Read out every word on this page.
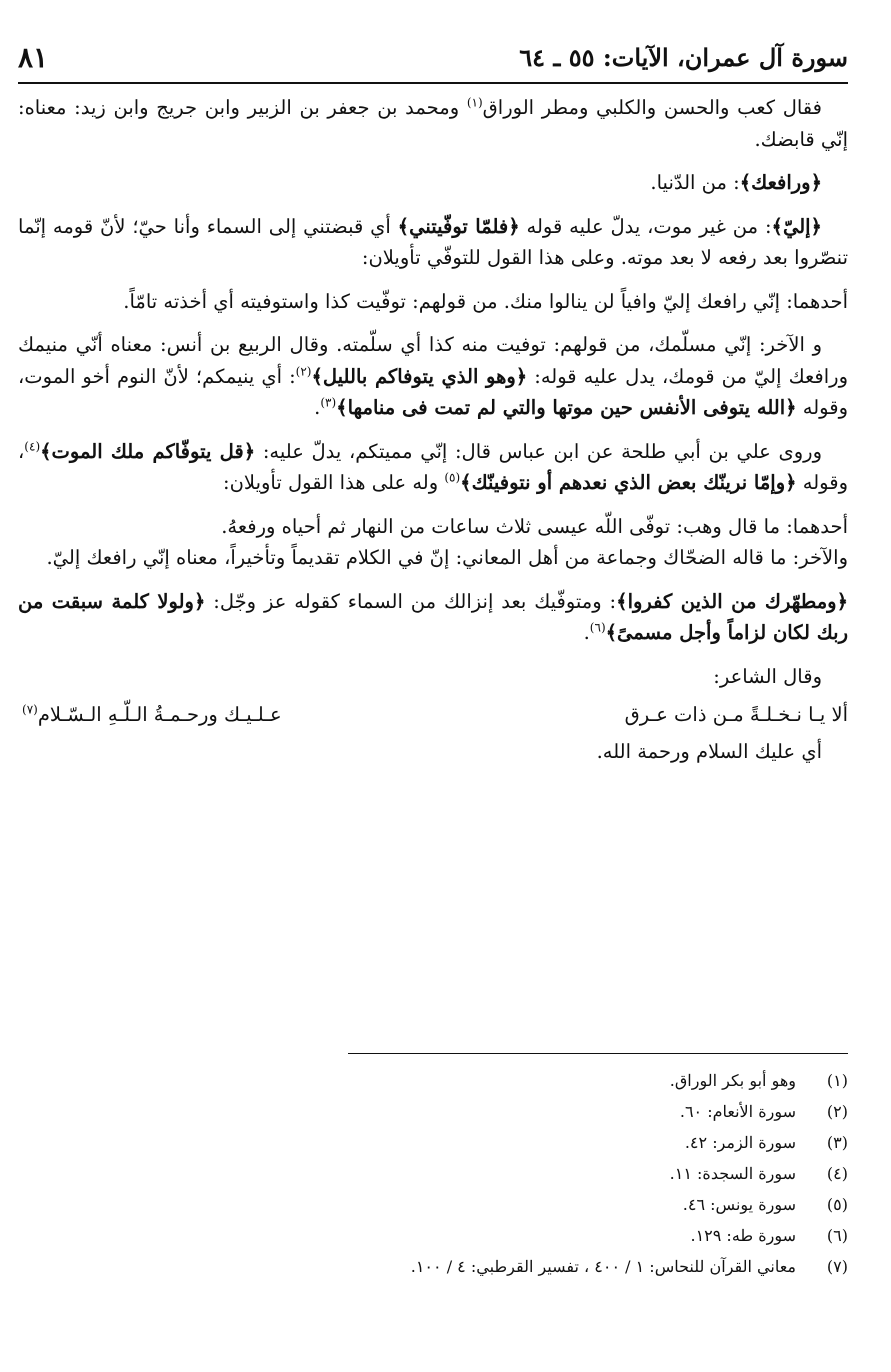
سورة آل عمران، الآيات: ٥٥ ـ ٦٤
٨١

فقال كعب والحسن والكلبي ومطر الوراق$^{(١)}$ ومحمد بن جعفر بن الزبير وابن جريج وابن زيد: معناه: إنّي قابضك.

﴿ورافعك﴾: من الدّنيا.

﴿إليّ﴾: من غير موت، يدلّ عليه قوله ﴿فلمّا توفّيتني﴾ أي قبضتني إلى السماء وأنا حيّ؛ لأنّ قومه إنّما تنصّروا بعد رفعه لا بعد موته. وعلى هذا القول للتوفّي تأويلان:

أحدهما: إنّي رافعك إليّ وافياً لن ينالوا منك. من قولهم: توفّيت كذا واستوفيته أي أخذته تامّاً.

و الآخر: إنّي مسلّمك، من قولهم: توفيت منه كذا أي سلّمته. وقال الربيع بن أنس: معناه أنّي منيمك ورافعك إليّ من قومك، يدل عليه قوله: ﴿وهو الذي يتوفاكم بالليل﴾$^{(٢)}$: أي ينيمكم؛ لأنّ النوم أخو الموت، وقوله ﴿الله يتوفى الأنفس حين موتها والتي لم تمت فى منامها﴾$^{(٣)}$.

وروى علي بن أبي طلحة عن ابن عباس قال: إنّي مميتكم، يدلّ عليه: ﴿قل يتوفّاكم ملك الموت﴾$^{(٤)}$، وقوله ﴿وإمّا نرينّك بعض الذي نعدهم أو نتوفينّك﴾$^{(٥)}$ وله على هذا القول تأويلان:

أحدهما: ما قال وهب: توفّى اللّه عيسى ثلاث ساعات من النهار ثم أحياه ورفعهُ.

والآخر: ما قاله الضحّاك وجماعة من أهل المعاني: إنّ في الكلام تقديماً وتأخيراً، معناه إنّي رافعك إليّ.

﴿ومطهّرك من الذين كفروا﴾: ومتوفّيك بعد إنزالك من السماء كقوله عز وجّل: ﴿ولولا كلمة سبقت من ربك لكان لزاماً وأجل مسمىً﴾$^{(٦)}$.

وقال الشاعر:

ألا يـا نـخـلـةً مـن ذات عـرق
عـلـيـك ورحـمـةُ الـلّـهِ الـسّـلام$^{(٧)}$
أي عليك السلام ورحمة الله.
(١)
وهو أبو بكر الوراق.
(٢)
سورة الأنعام: ٦٠.
(٣)
سورة الزمر: ٤٢.
(٤)
سورة السجدة: ١١.
(٥)
سورة يونس: ٤٦.
(٦)
سورة طه: ١٢٩.
(٧)
معاني القرآن للنحاس: ١ / ٤٠٠ ، تفسير القرطبي: ٤ / ١٠٠.
